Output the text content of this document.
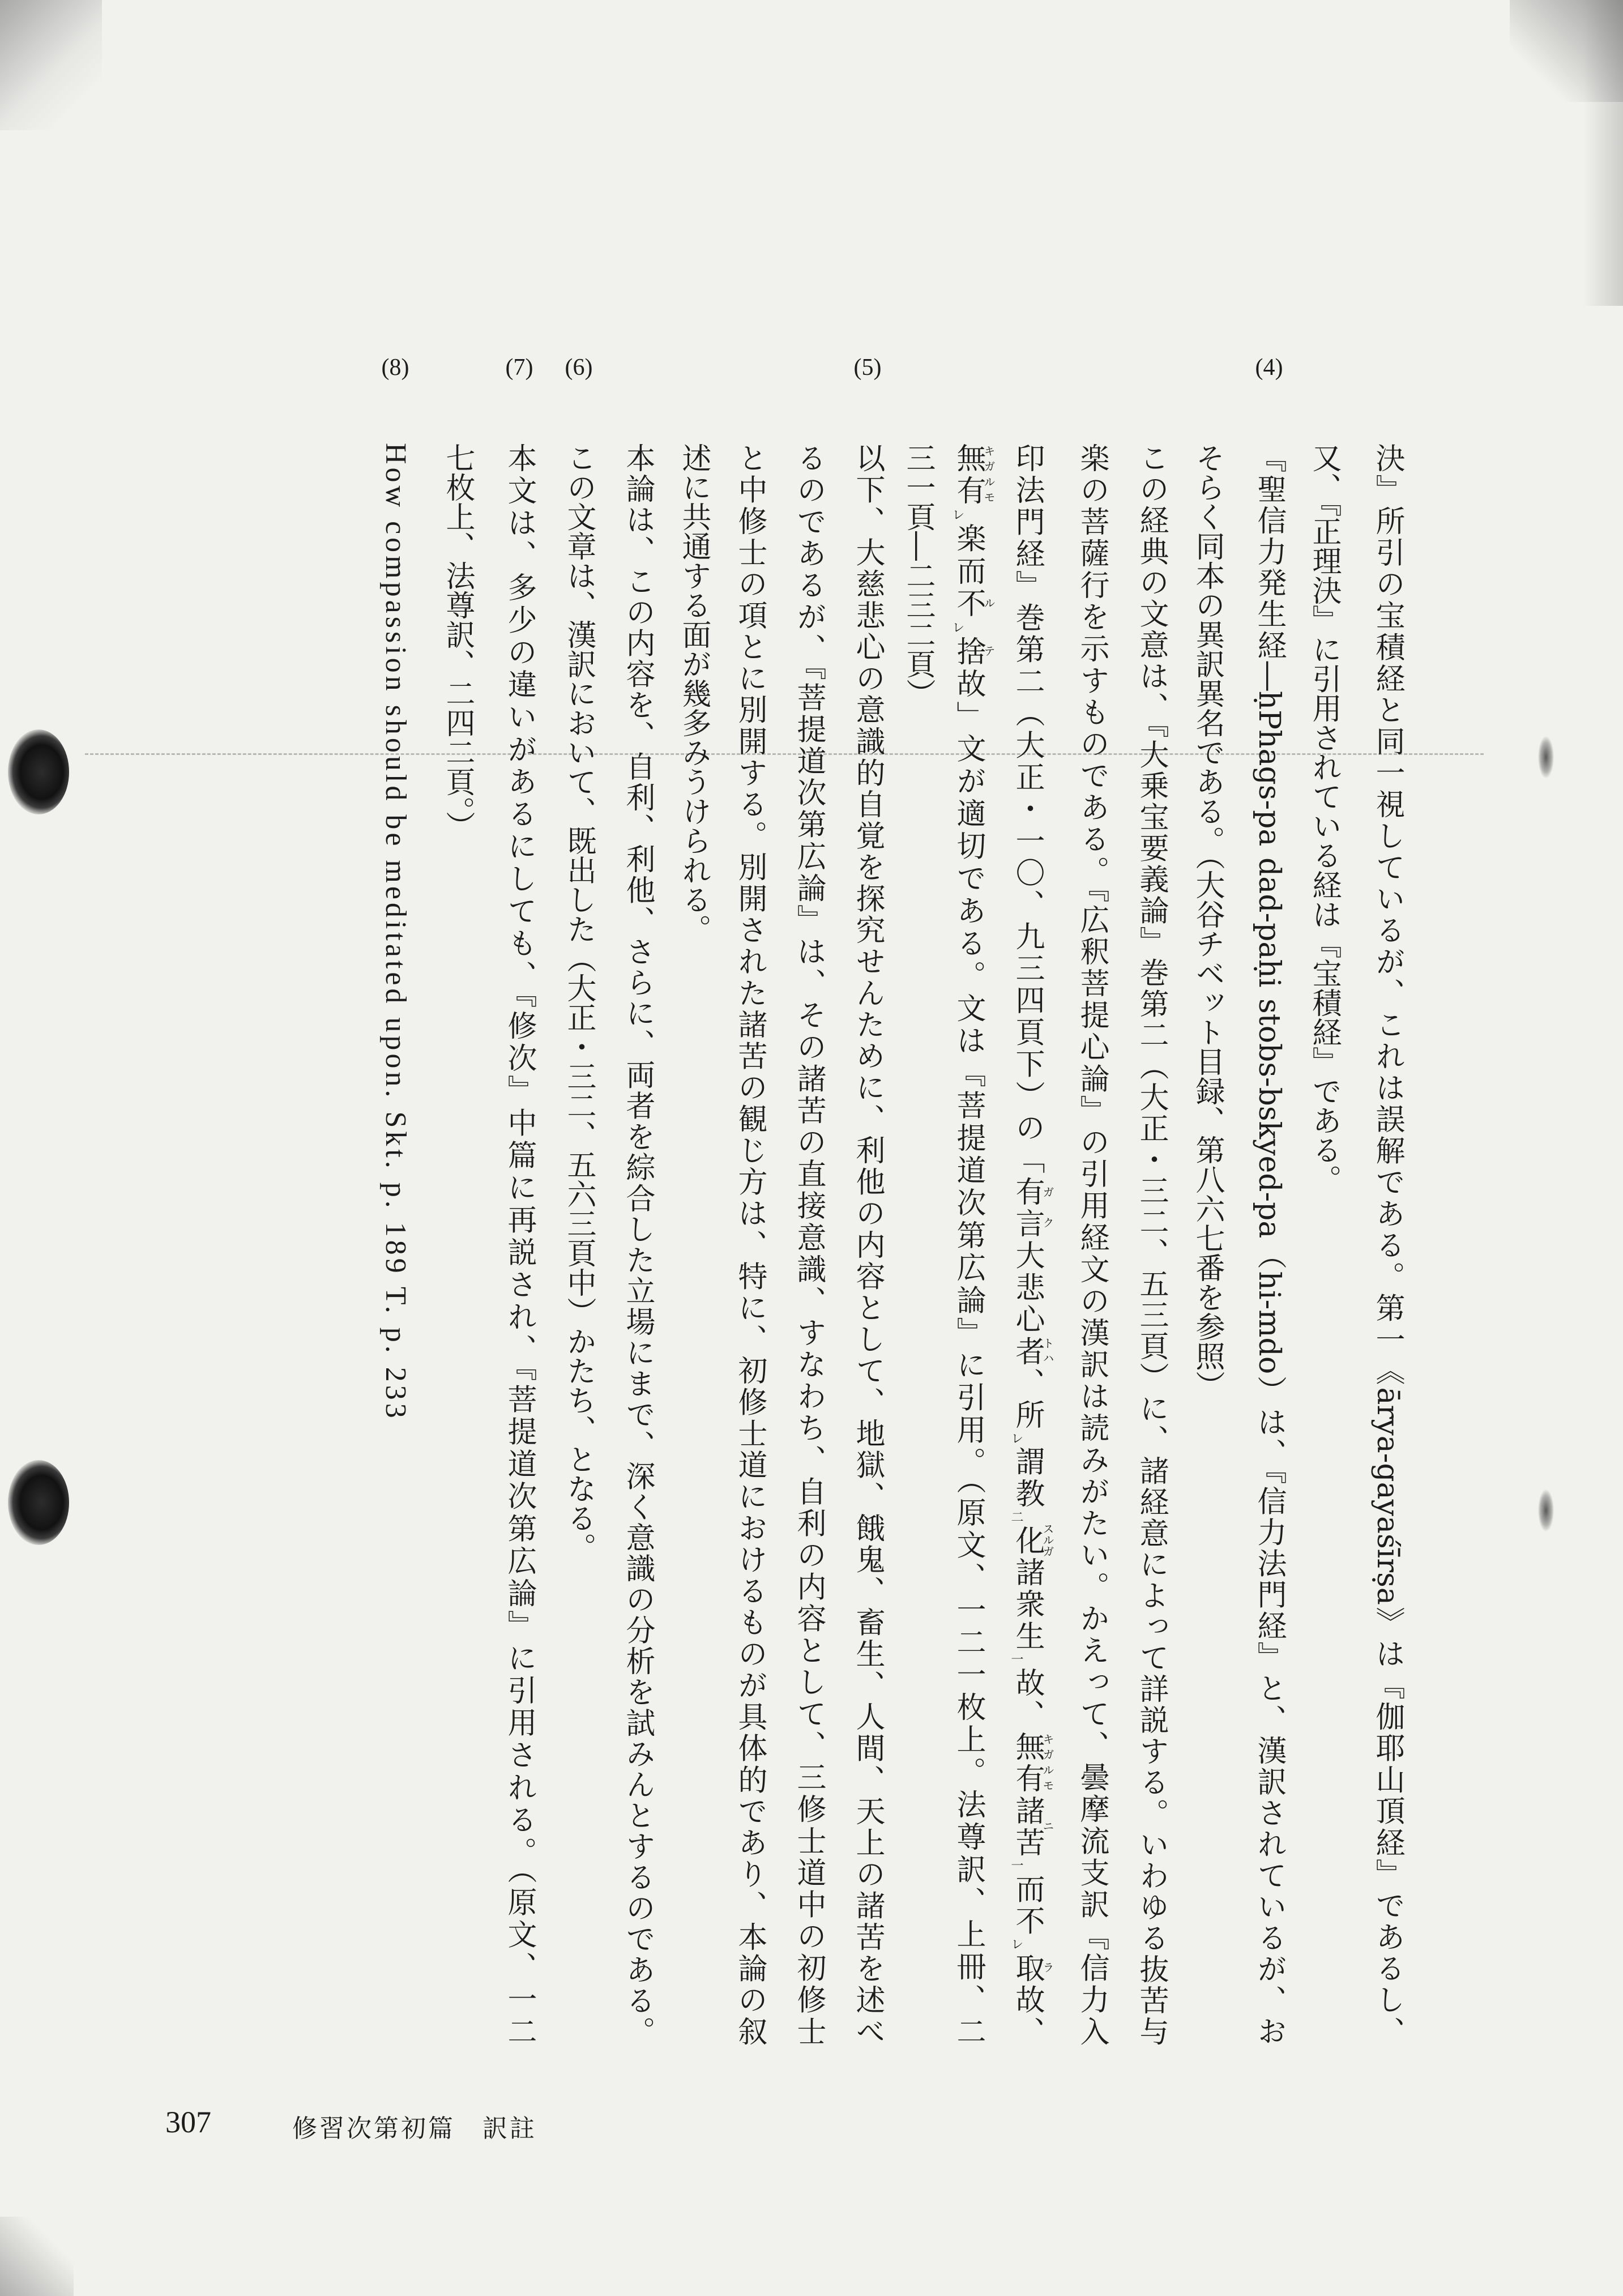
(4)
(5)
(6)
(7)
(8)
決』所引の宝積経と同一視しているが、これは誤解である。第一《ārya-gayaśīrṣa》は『伽耶山頂経』であるし、
又、『正理決』に引用されている経は『宝積経』である。
『聖信力発生経―ḥPhags-pa dad-paḥi stobs-bskyed-pa（hi-mdo）は、『信力法門経』と、漢訳されているが、お
そらく同本の異訳異名である。（大谷チベット目録、第八六七番を参照）
この経典の文意は、『大乗宝要義論』巻第二（大正・三二、五三頁）に、諸経意によって詳説する。いわゆる抜苦与
楽の菩薩行を示すものである。『広釈菩提心論』の引用経文の漢訳は読みがたい。かえって、曇摩流支訳『信力入
印法門経』巻第二（大正・一〇、九三四頁下）の「有言ガク大悲心者トハ、所レ謂教二化スルガ諸衆生一故、無有キガルモ諸苦ニ一而不レ取ラ故、
無有キガルモレ楽而不ルレ捨テ故」文が適切である。文は『菩提道次第広論』に引用。（原文、一二一枚上。法尊訳、上冊、二
三一頁―二三二頁）
以下、大慈悲心の意識的自覚を探究せんために、利他の内容として、地獄、餓鬼、畜生、人間、天上の諸苦を述べ
るのであるが、『菩提道次第広論』は、その諸苦の直接意識、すなわち、自利の内容として、三修士道中の初修士
と中修士の項とに別開する。別開された諸苦の観じ方は、特に、初修士道におけるものが具体的であり、本論の叙
述に共通する面が幾多みうけられる。
本論は、この内容を、自利、利他、さらに、両者を綜合した立場にまで、深く意識の分析を試みんとするのである。
この文章は、漢訳において、既出した（大正・三二、五六三頁中）かたち、となる。
本文は、多少の違いがあるにしても、『修次』中篇に再説され、『菩提道次第広論』に引用される。（原文、一二
七枚上、法尊訳、二四二頁。）
How compassion should be meditated upon. Skt. p. 189 T. p. 233
307	修習次第初篇　訳註
